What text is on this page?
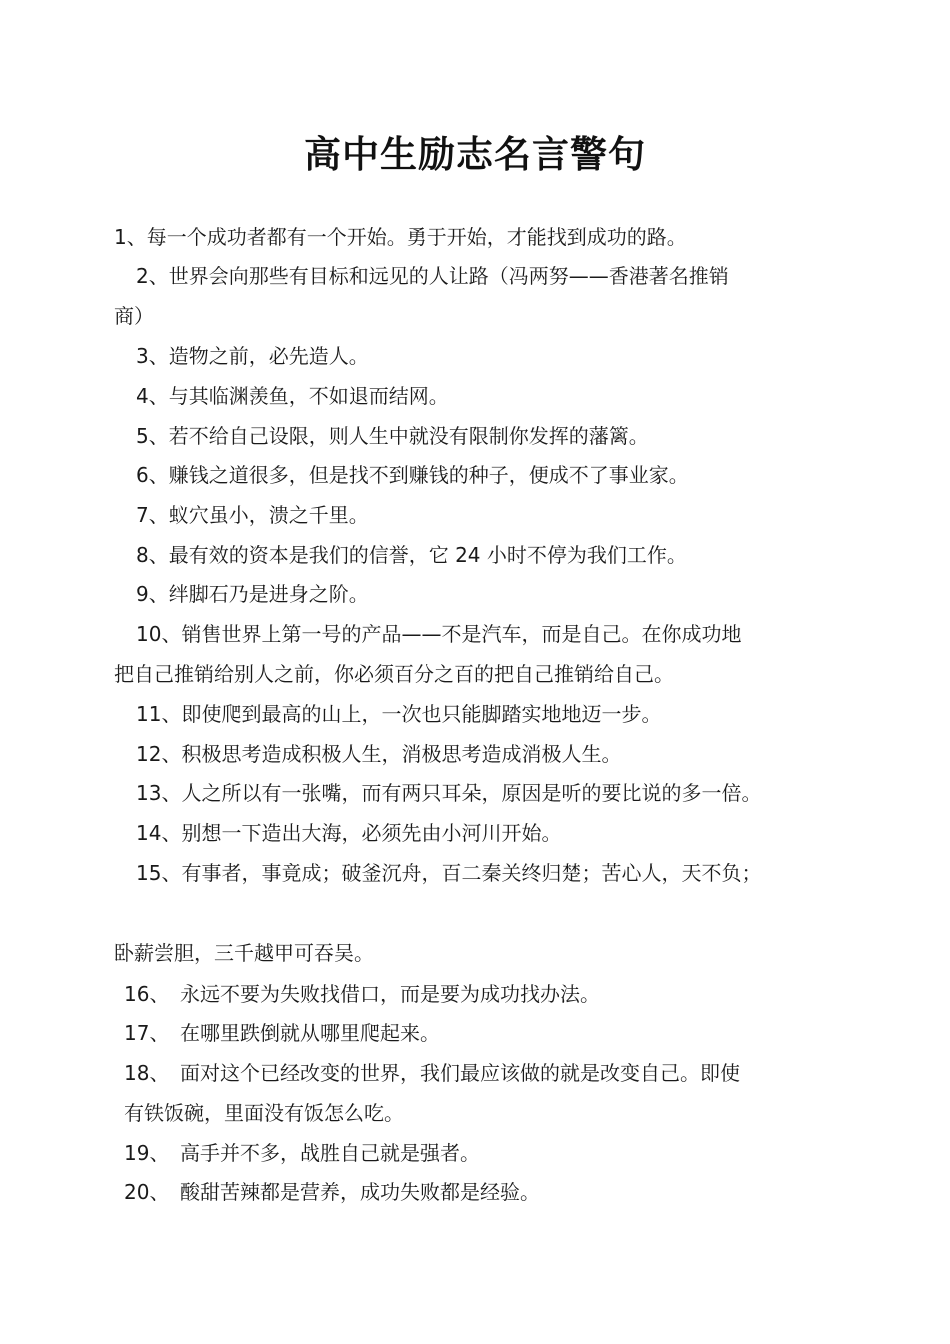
高中生励志名言警句
1、每一个成功者都有一个开始。勇于开始，才能找到成功的路。
2、世界会向那些有目标和远见的人让路（冯两努——香港著名推销
商）
3、造物之前，必先造人。
4、与其临渊羡鱼，不如退而结网。
5、若不给自己设限，则人生中就没有限制你发挥的藩篱。
6、赚钱之道很多，但是找不到赚钱的种子，便成不了事业家。
7、蚁穴虽小，溃之千里。
8、最有效的资本是我们的信誉，它 24 小时不停为我们工作。
9、绊脚石乃是进身之阶。
10、销售世界上第一号的产品——不是汽车，而是自己。在你成功地
把自己推销给别人之前，你必须百分之百的把自己推销给自己。
11、即使爬到最高的山上，一次也只能脚踏实地地迈一步。
12、积极思考造成积极人生，消极思考造成消极人生。
13、人之所以有一张嘴，而有两只耳朵，原因是听的要比说的多一倍。
14、别想一下造出大海，必须先由小河川开始。
15、有事者，事竟成；破釜沉舟，百二秦关终归楚；苦心人，天不负；
卧薪尝胆，三千越甲可吞吴。
16、 永远不要为失败找借口，而是要为成功找办法。
17、 在哪里跌倒就从哪里爬起来。
18、 面对这个已经改变的世界，我们最应该做的就是改变自己。即使
有铁饭碗，里面没有饭怎么吃。
19、 高手并不多，战胜自己就是强者。
20、 酸甜苦辣都是营养，成功失败都是经验。
